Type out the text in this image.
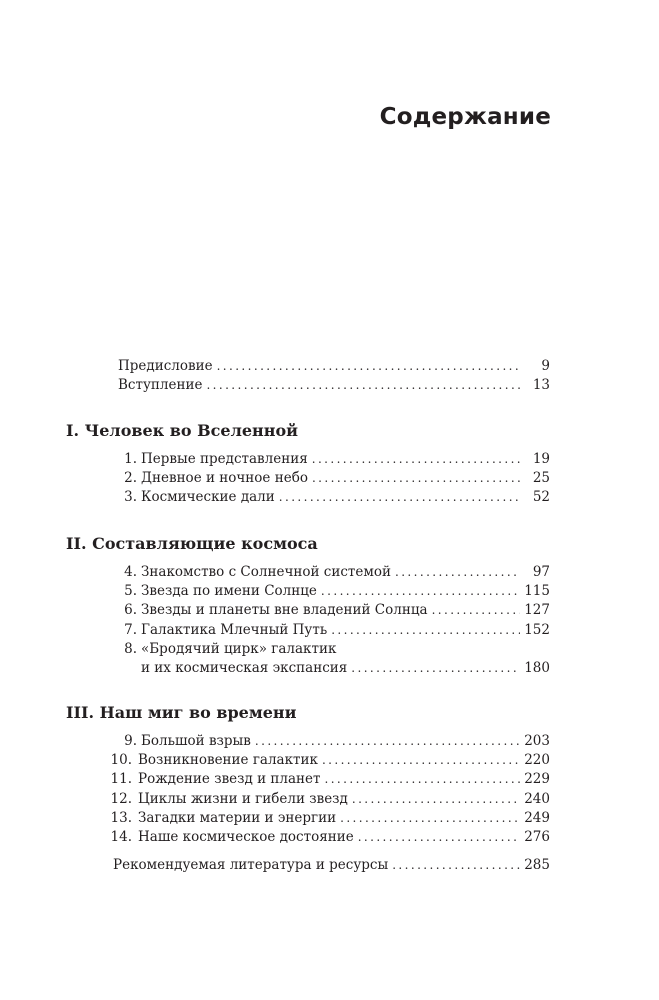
Содержание
Предисловие .....	9
Вступление .....	13
I. Человек во Вселенной
1. Первые представления .....	19
2. Дневное и ночное небо .....	25
3. Космические дали .....	52
II. Составляющие космоса
4. Знакомство с Солнечной системой .....	97
5. Звезда по имени Солнце .....	115
6. Звезды и планеты вне владений Солнца .....	127
7. Галактика Млечный Путь .....	152
8. «Бродячий цирк» галактик
и их космическая экспансия .....	180
III. Наш миг во времени
9. Большой взрыв .....	203
10. Возникновение галактик .....	220
11. Рождение звезд и планет .....	229
12. Циклы жизни и гибели звезд .....	240
13. Загадки материи и энергии .....	249
14. Наше космическое достояние .....	276
Рекомендуемая литература и ресурсы .....	285
